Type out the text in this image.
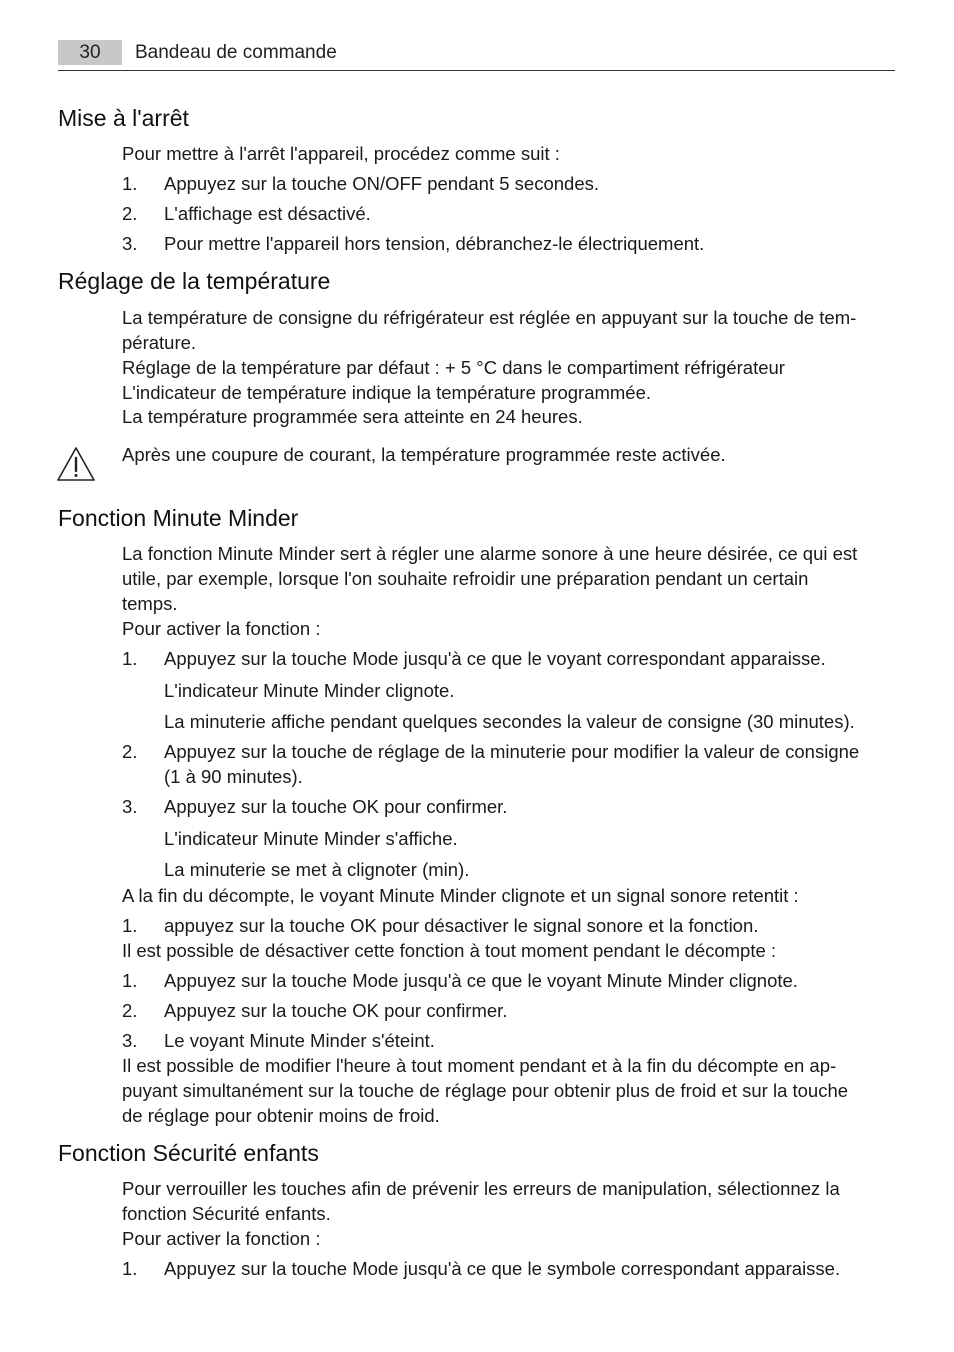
30	Bandeau de commande
Mise à l'arrêt

Pour mettre à l'arrêt l'appareil, procédez comme suit :

1. Appuyez sur la touche ON/OFF pendant 5 secondes.
2. L'affichage est désactivé.
3. Pour mettre l'appareil hors tension, débranchez-le électriquement.
Réglage de la température

La température de consigne du réfrigérateur est réglée en appuyant sur la touche de tem-

pérature.

Réglage de la température par défaut : + 5 °C dans le compartiment réfrigérateur

L'indicateur de température indique la température programmée.

La température programmée sera atteinte en 24 heures.

Après une coupure de courant, la température programmée reste activée.

Fonction Minute Minder

La fonction Minute Minder sert à régler une alarme sonore à une heure désirée, ce qui est

utile, par exemple, lorsque l'on souhaite refroidir une préparation pendant un certain

temps.

Pour activer la fonction :

1. Appuyez sur la touche Mode jusqu'à ce que le voyant correspondant apparaisse.
L'indicateur Minute Minder clignote.
La minuterie affiche pendant quelques secondes la valeur de consigne (30 minutes).
2. Appuyez sur la touche de réglage de la minuterie pour modifier la valeur de consigne
(1 à 90 minutes).
3. Appuyez sur la touche OK pour confirmer.
L'indicateur Minute Minder s'affiche.
La minuterie se met à clignoter (min).

A la fin du décompte, le voyant Minute Minder clignote et un signal sonore retentit :

1. appuyez sur la touche OK pour désactiver le signal sonore et la fonction.

Il est possible de désactiver cette fonction à tout moment pendant le décompte :

1. Appuyez sur la touche Mode jusqu'à ce que le voyant Minute Minder clignote.
2. Appuyez sur la touche OK pour confirmer.
3. Le voyant Minute Minder s'éteint.

Il est possible de modifier l'heure à tout moment pendant et à la fin du décompte en ap-

puyant simultanément sur la touche de réglage pour obtenir plus de froid et sur la touche

de réglage pour obtenir moins de froid.

Fonction Sécurité enfants

Pour verrouiller les touches afin de prévenir les erreurs de manipulation, sélectionnez la

fonction Sécurité enfants.

Pour activer la fonction :

1. Appuyez sur la touche Mode jusqu'à ce que le symbole correspondant apparaisse.
